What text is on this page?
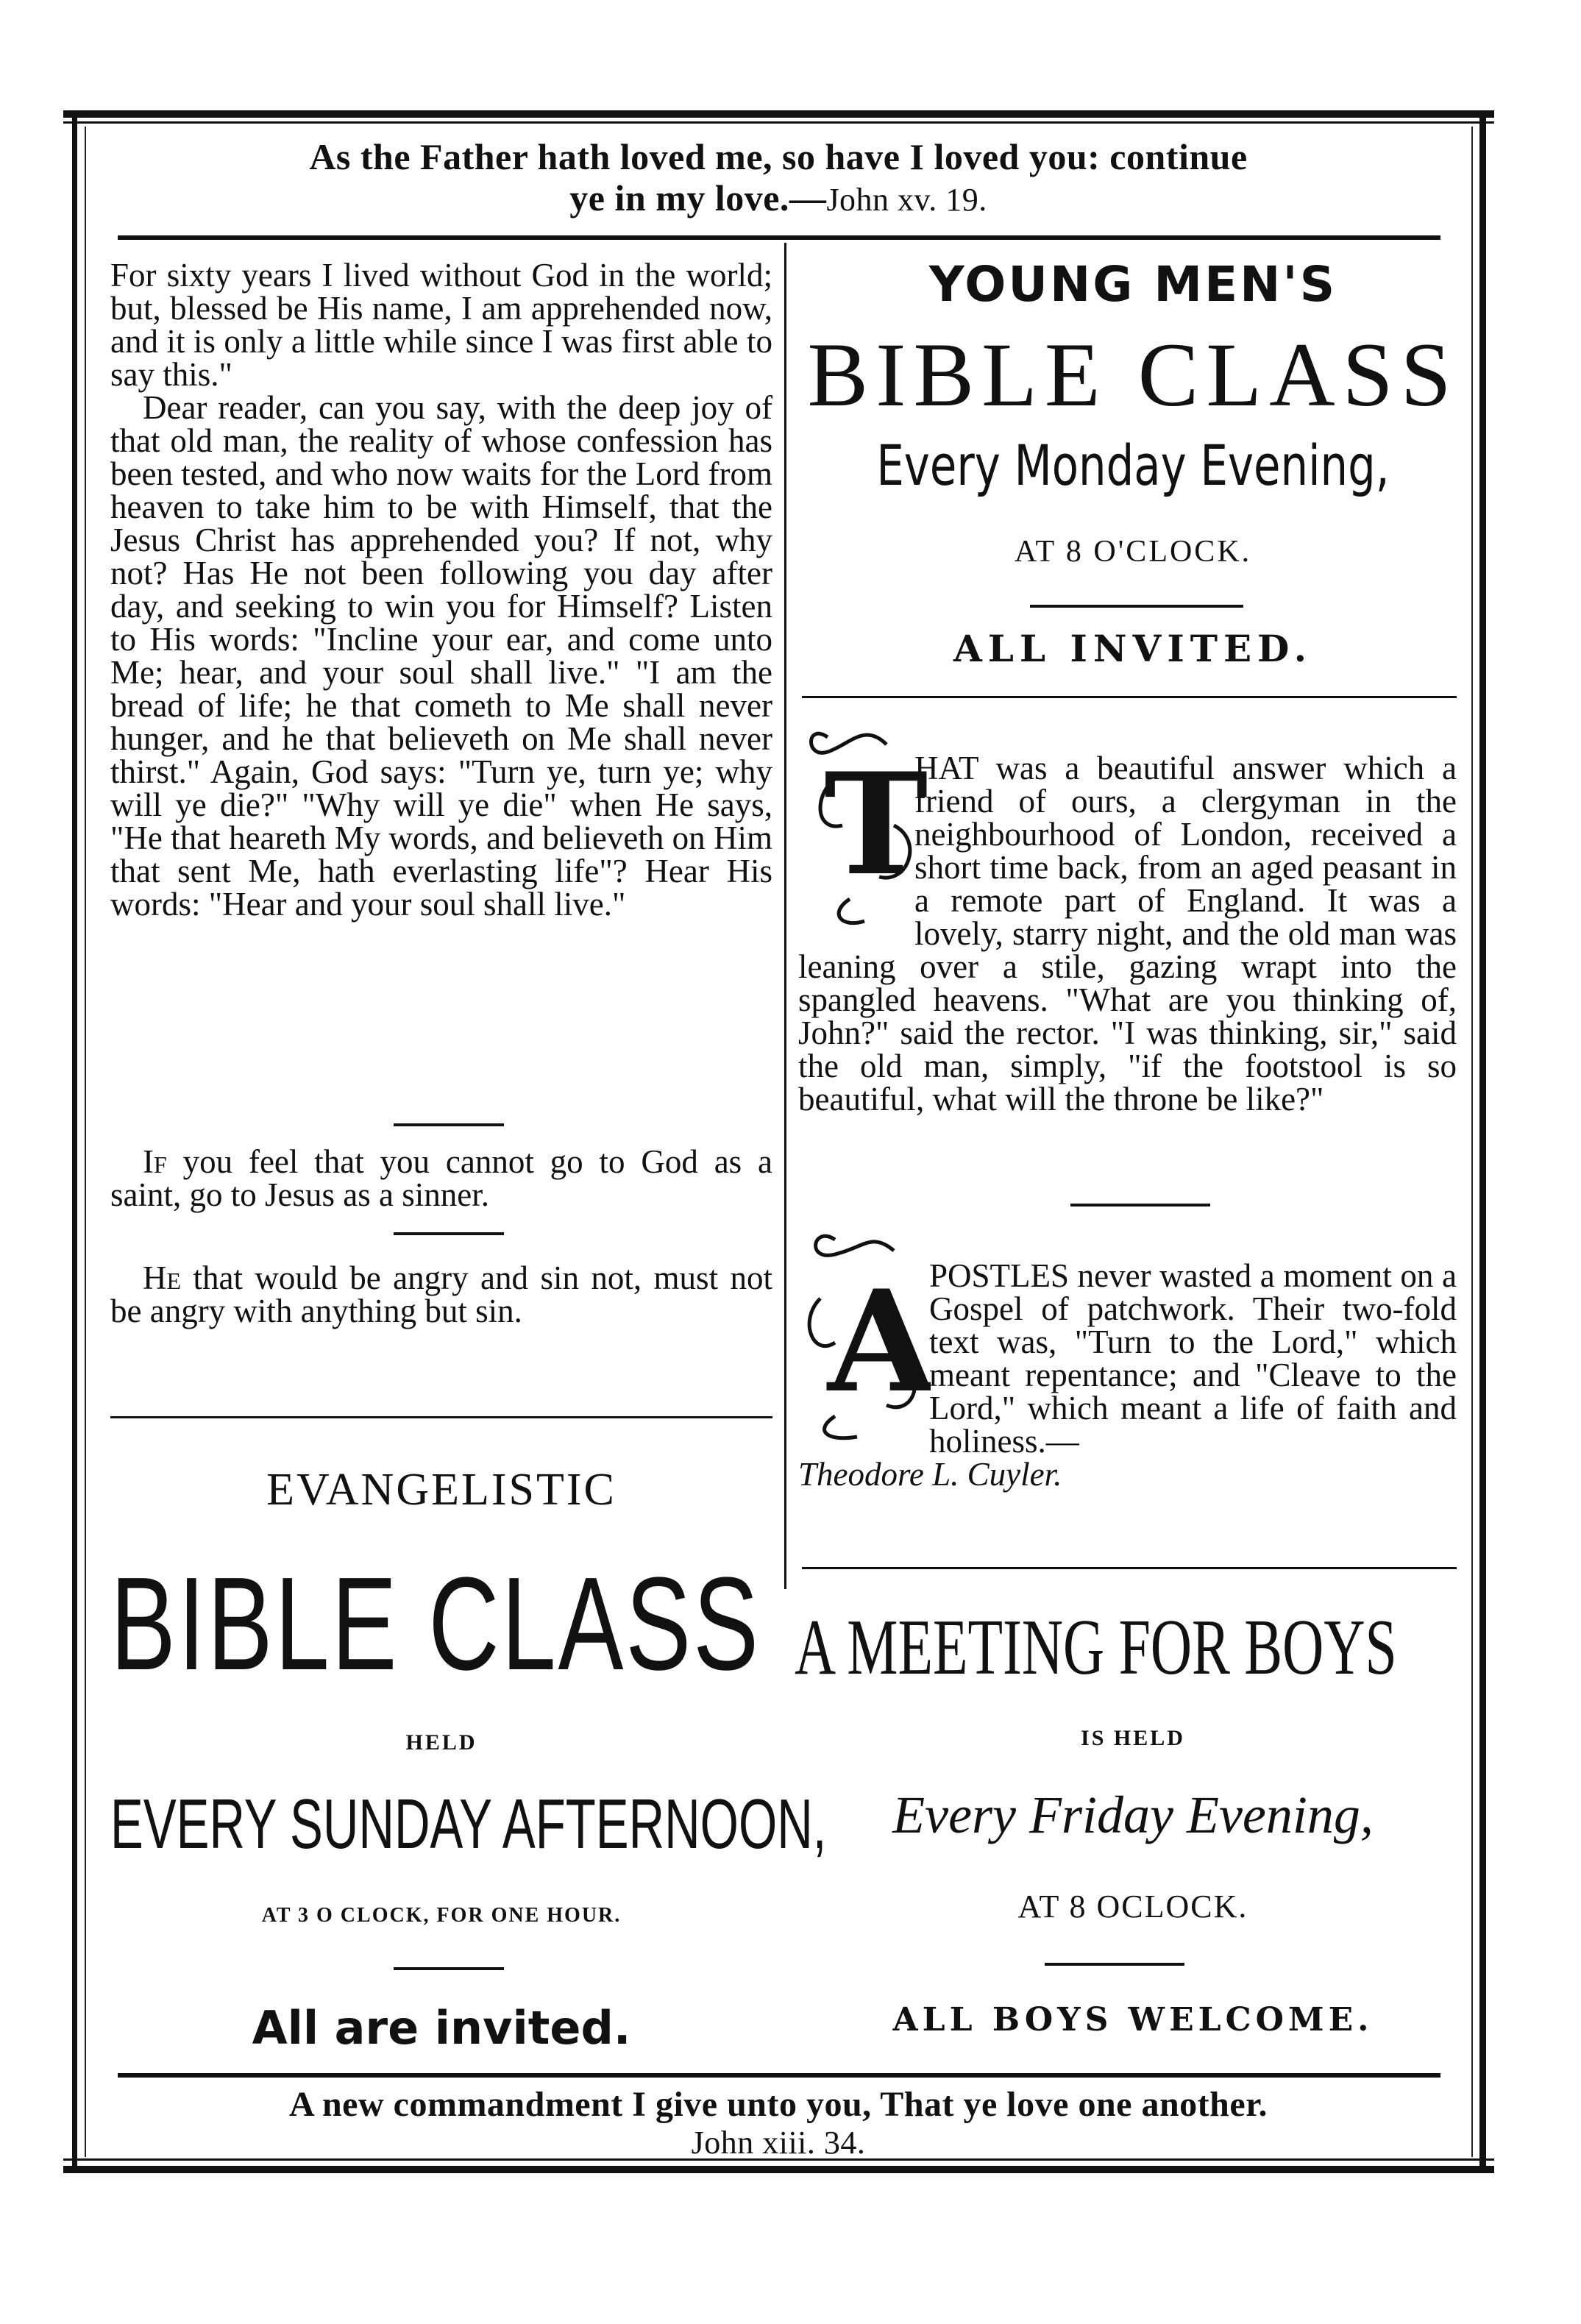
As the Father hath loved me, so have I loved you: continue
ye in my love.—John xv. 19.

For sixty years I lived without God in the world; but, blessed be His name, I am apprehended now, and it is only a little while since I was first able to say this."

Dear reader, can you say, with the deep joy of that old man, the reality of whose confession has been tested, and who now waits for the Lord from heaven to take him to be with Himself, that the Jesus Christ has apprehended you? If not, why not? Has He not been following you day after day, and seeking to win you for Himself? Listen to His words: "Incline your ear, and come unto Me; hear, and your soul shall live." "I am the bread of life; he that cometh to Me shall never hunger, and he that believeth on Me shall never thirst." Again, God says: "Turn ye, turn ye; why will ye die?" "Why will ye die" when He says, "He that heareth My words, and believeth on Him that sent Me, hath everlasting life"? Hear His words: "Hear and your soul shall live."

If you feel that you cannot go to God as a saint, go to Jesus as a sinner.

He that would be angry and sin not, must not be angry with anything but sin.

EVANGELISTIC
BIBLE CLASS
HELD
EVERY SUNDAY AFTERNOON,
AT 3 O CLOCK, FOR ONE HOUR.
All are invited.
YOUNG MEN'S
BIBLE CLASS
Every Monday Evening,
AT 8 O'CLOCK.
ALL INVITED.
T

HAT was a beautiful answer which a friend of ours, a clergyman in the neighbourhood of London, received a short time back, from an aged peasant in a remote part of England. It was a lovely, starry night, and the old man was leaning over a stile, gazing wrapt into the spangled heavens. "What are you thinking of, John?" said the rector. "I was thinking, sir," said the old man, simply, "if the footstool is so beautiful, what will the throne be like?"

A

POSTLES never wasted a moment on a Gospel of patchwork. Their two-fold text was, "Turn to the Lord," which meant repentance; and "Cleave to the Lord," which meant a life of faith and holiness.—
Theodore L. Cuyler.

A MEETING FOR BOYS
IS HELD
Every Friday Evening,
AT 8 OCLOCK.
ALL BOYS WELCOME.
A new commandment I give unto you, That ye love one another.
John xiii. 34.
